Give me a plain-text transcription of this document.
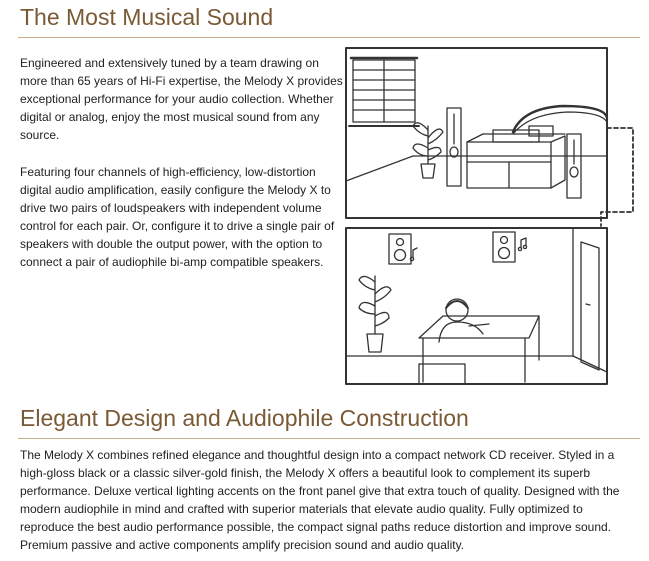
The Most Musical Sound

Engineered and extensively tuned by a team drawing on more than 65 years of Hi-Fi expertise, the Melody X provides exceptional performance for your audio collection. Whether digital or analog, enjoy the most musical sound from any source.

Featuring four channels of high-efficiency, low-distortion digital audio amplification, easily configure the Melody X to drive two pairs of loudspeakers with independent volume control for each pair. Or, configure it to drive a single pair of speakers with double the output power, with the option to connect a pair of audiophile bi-amp compatible speakers.

Elegant Design and Audiophile Construction

The Melody X combines refined elegance and thoughtful design into a compact network CD receiver. Styled in a high-gloss black or a classic silver-gold finish, the Melody X offers a beautiful look to complement its superb performance. Deluxe vertical lighting accents on the front panel give that extra touch of quality. Designed with the modern audiophile in mind and crafted with superior materials that elevate audio quality. Fully optimized to reproduce the best audio performance possible, the compact signal paths reduce distortion and improve sound. Premium passive and active components amplify precision sound and audio quality.
